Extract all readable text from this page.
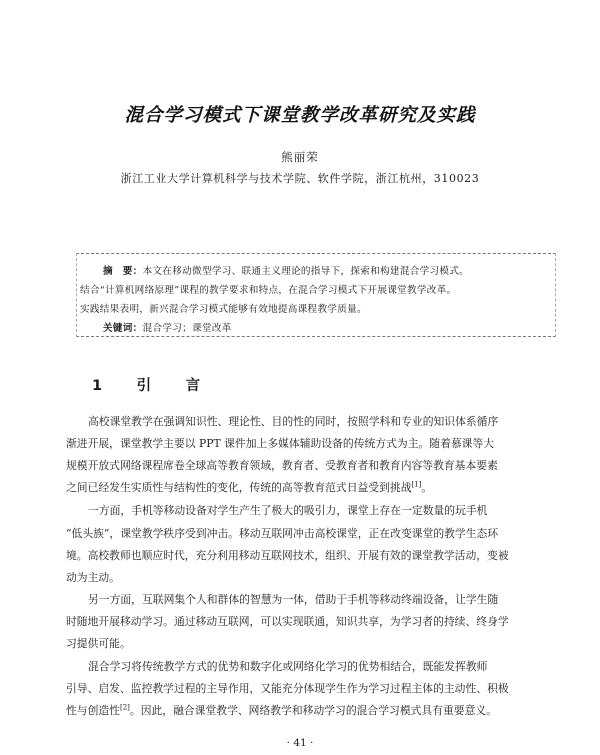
混合学习模式下课堂教学改革研究及实践
熊丽荣
浙江工业大学计算机科学与技术学院、软件学院，浙江杭州，310023
摘　要：本文在移动微型学习、联通主义理论的指导下，探索和构建混合学习模式。
结合“计算机网络原理”课程的教学要求和特点，在混合学习模式下开展课堂教学改革。
实践结果表明，新兴混合学习模式能够有效地提高课程教学质量。
关键词：混合学习；课堂改革
1　引　言
高校课堂教学在强调知识性、理论性、目的性的同时，按照学科和专业的知识体系循序
渐进开展，课堂教学主要以 PPT 课件加上多媒体辅助设备的传统方式为主。随着慕课等大
规模开放式网络课程席卷全球高等教育领域，教育者、受教育者和教育内容等教育基本要素
之间已经发生实质性与结构性的变化，传统的高等教育范式日益受到挑战[1]。
一方面，手机等移动设备对学生产生了极大的吸引力，课堂上存在一定数量的玩手机
“低头族”，课堂教学秩序受到冲击。移动互联网冲击高校课堂，正在改变课堂的教学生态环
境。高校教师也顺应时代，充分利用移动互联网技术，组织、开展有效的课堂教学活动，变被
动为主动。
另一方面，互联网集个人和群体的智慧为一体，借助于手机等移动终端设备，让学生随
时随地开展移动学习。通过移动互联网，可以实现联通，知识共享，为学习者的持续、终身学
习提供可能。
混合学习将传统教学方式的优势和数字化或网络化学习的优势相结合，既能发挥教师
引导、启发、监控教学过程的主导作用，又能充分体现学生作为学习过程主体的主动性、积极
性与创造性[2]。因此，融合课堂教学、网络教学和移动学习的混合学习模式具有重要意义。
· 41 ·
